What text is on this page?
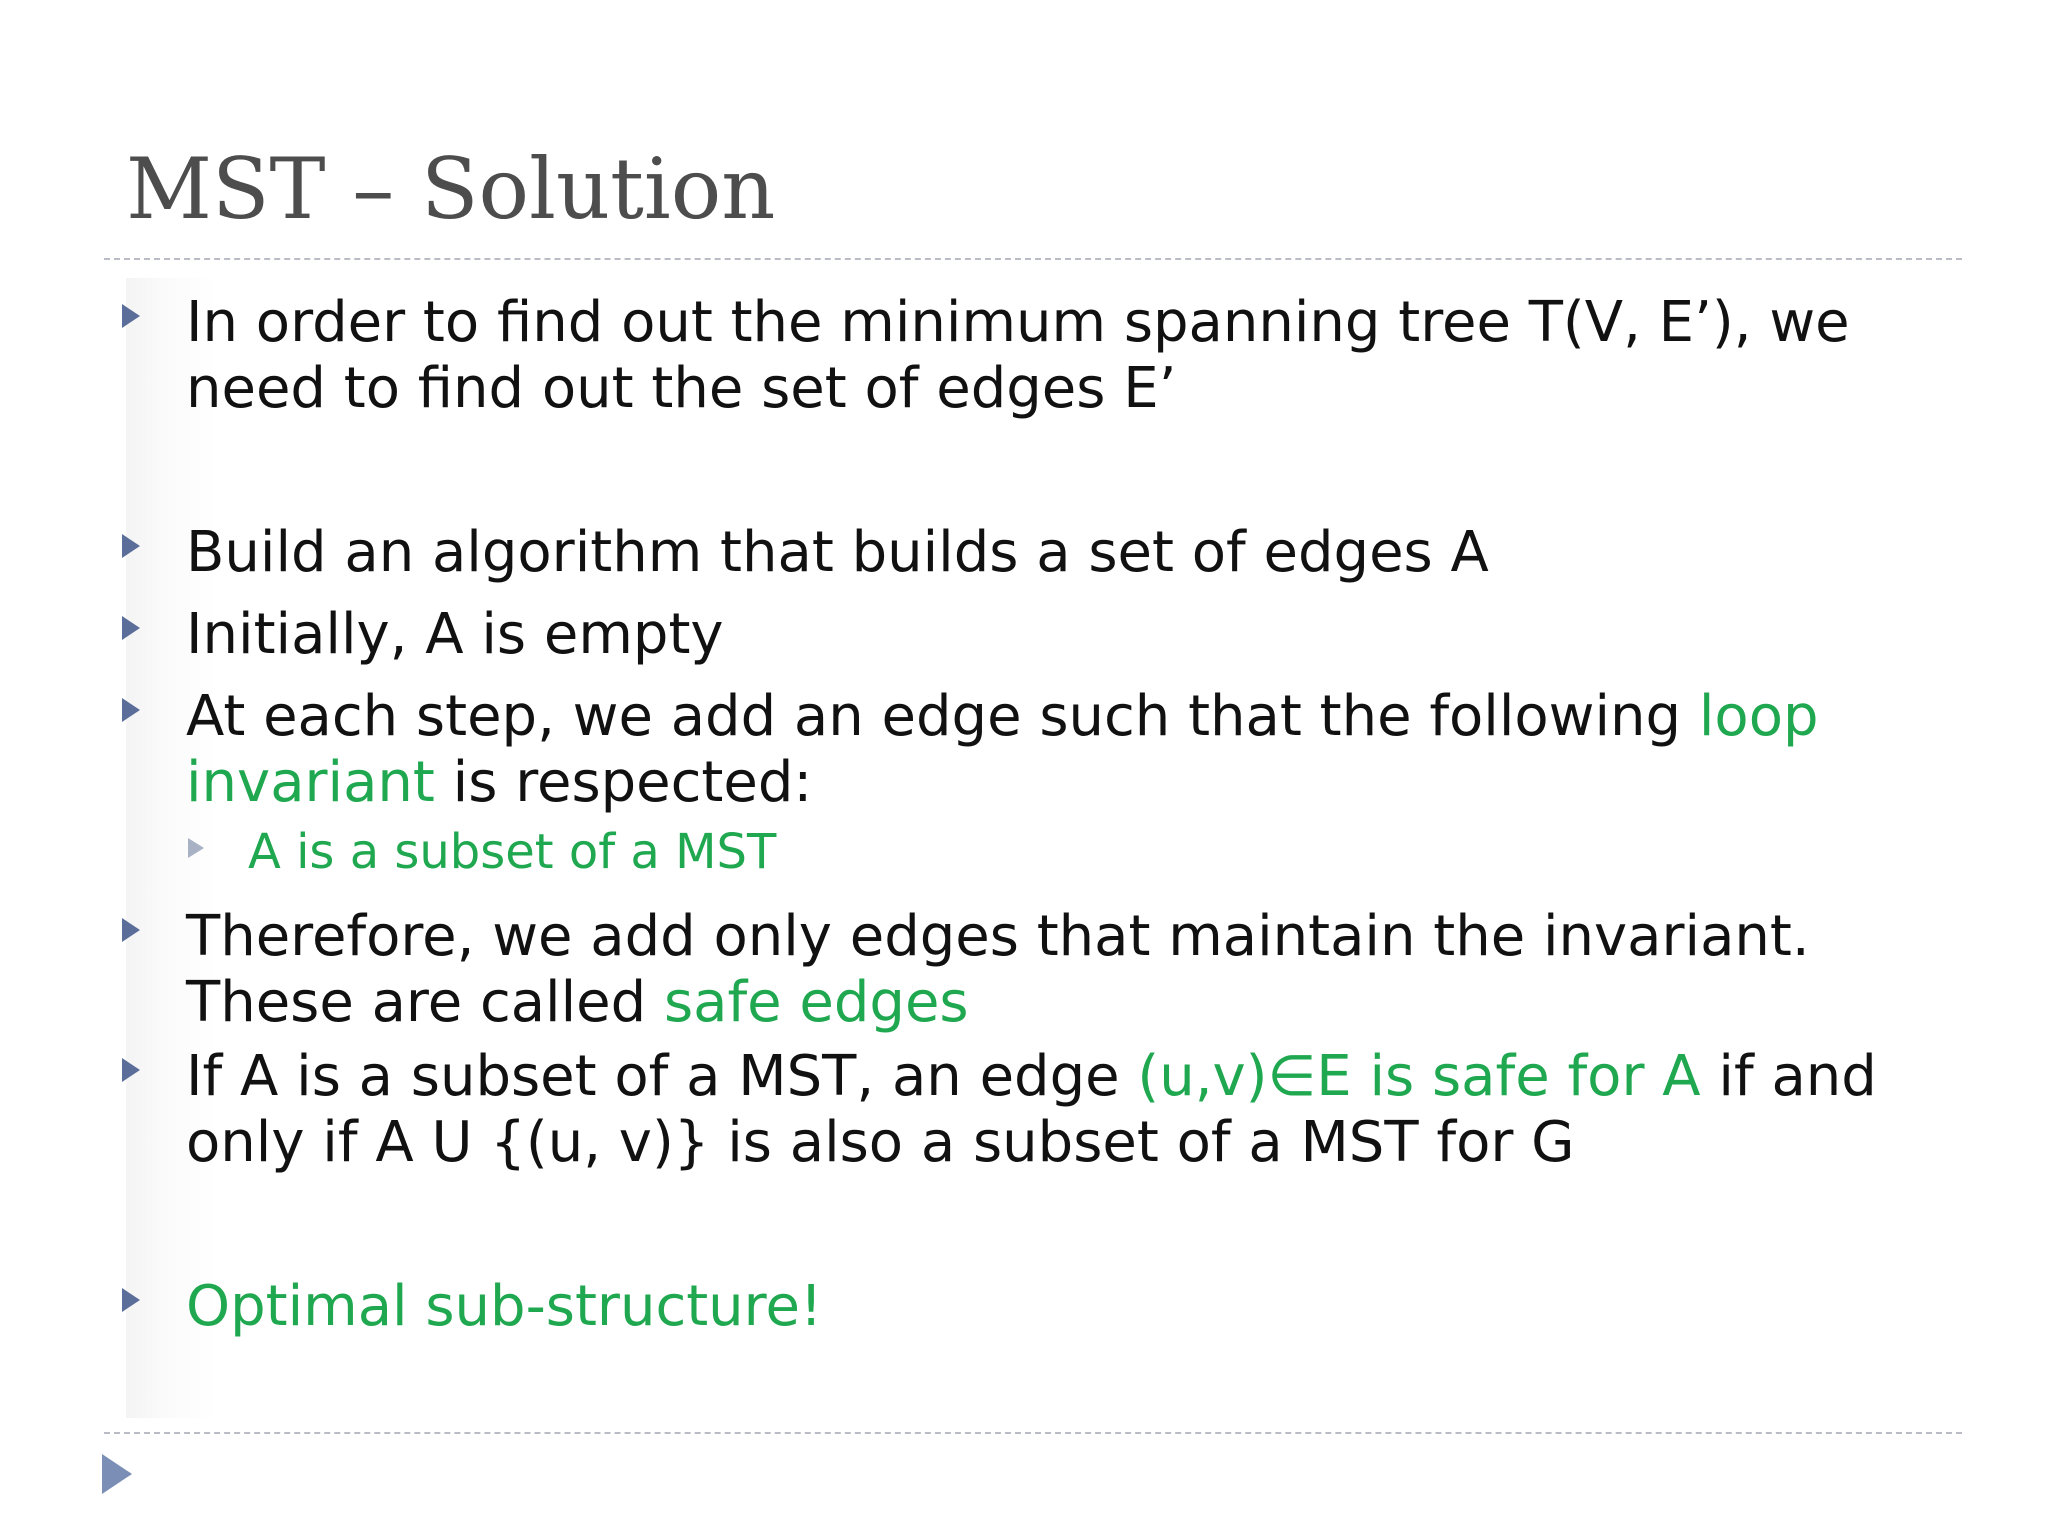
MST – Solution
In order to find out the minimum spanning tree T(V, E’), we
need to find out the set of edges E’
Build an algorithm that builds a set of edges A
Initially, A is empty
At each step, we add an edge such that the following loop
invariant is respected:
A is a subset of a MST
Therefore, we add only edges that maintain the invariant.
These are called safe edges
If A is a subset of a MST, an edge (u,v)∈E is safe for A if and
only if A U {(u, v)} is also a subset of a MST for G
Optimal sub-structure!
